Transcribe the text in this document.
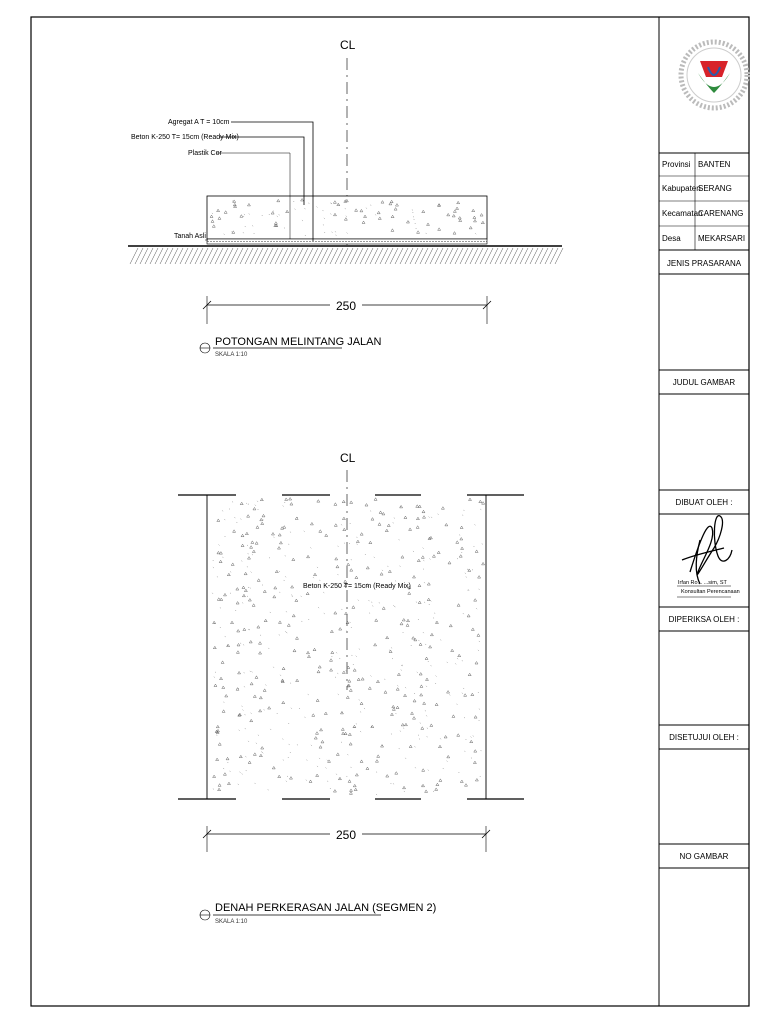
Provinsi BANTEN
Kabupaten
SERANG
Kecamatan
CARENANG
Desa MEKARSARI
JENIS PRASARANA
JUDUL GAMBAR
DIBUAT OLEH :
Irfan Ro... ...sim, ST
Konsultan Perencanaan
DIPERIKSA OLEH :
DISETUJUI OLEH :
NO GAMBAR
CL
Agregat A T = 10cm
Beton K-250 T= 15cm (Ready Mix)
Plastik Cor
Tanah Asli
250
POTONGAN MELINTANG JALAN
SKALA 1:10
CL
Beton K-250 T= 15cm (Ready Mix)
250
DENAH PERKERASAN JALAN (SEGMEN 2)
SKALA 1:10
